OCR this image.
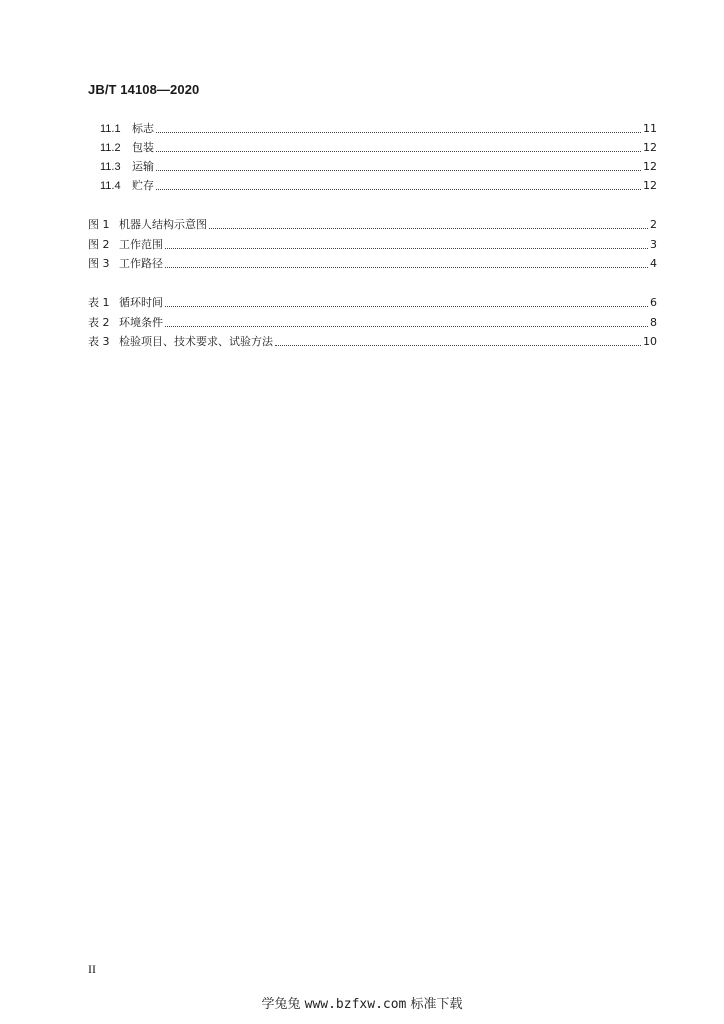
JB/T 14108—2020
11.1	标志	11
11.2	包装	12
11.3	运输	12
11.4	贮存	12
图 1 机器人结构示意图	2
图 2 工作范围	3
图 3 工作路径	4
表 1 循环时间	6
表 2 环境条件	8
表 3 检验项目、技术要求、试验方法	10
II
学兔兔 www.bzfxw.com 标准下载
